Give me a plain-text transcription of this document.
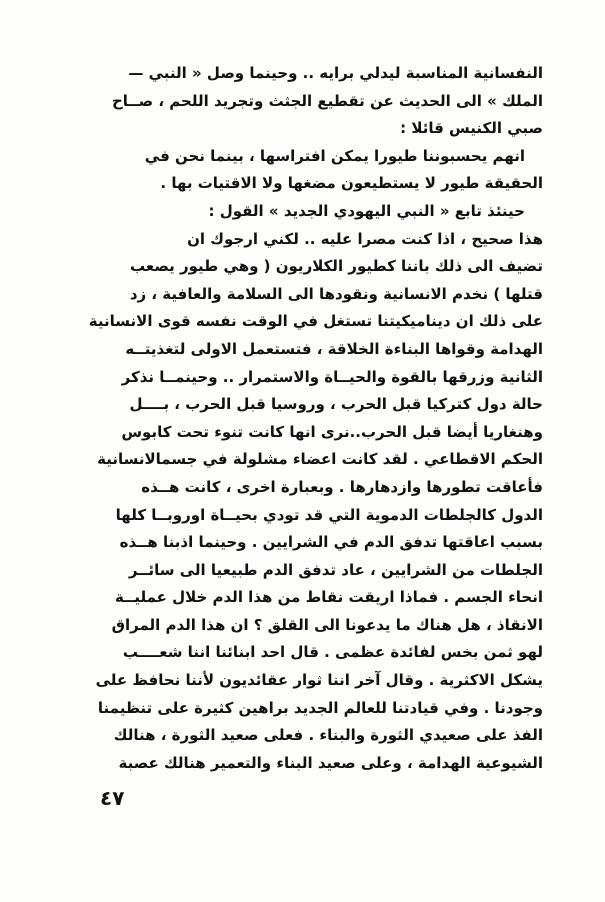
النفسانية المناسبة ليدلي برايه .. وحينما وصل « النبي —
الملك » الى الحديث عن تقطيع الجثث وتجريد اللحم ، صــاح
صبي الكنيس قائلا :
انهم يحسبوننا طيورا يمكن افتراسها ، بينما نحن في
الحقيقة طيور لا يستطيعون مضغها ولا الاقتيات بها .
حينئذ تابع « النبي اليهودي الجديد » القول :
هذا صحيح ، اذا كنت مصرا عليه .. لكني ارجوك ان
تضيف الى ذلك باننا كطيور الكلاريون ( وهي طيور يصعب
قتلها ) نخدم الانسانية ونقودها الى السلامة والعافية ، زد
على ذلك ان ديناميكيتنا تستغل في الوقت نفسه قوى الانسانية
الهدامة وقواها البناءة الخلاقة ، فتستعمل الاولى لتغذيتــه
الثانية وزرقها بالقوة والحيــاة والاستمرار .. وحينمــا نذكر
حالة دول كتركيا قبل الحرب ، وروسيا قبل الحرب ، بــــل
وهنغاريا أيضا قبل الحرب..نرى انها كانت تنوء تحت كابوس
الحكم الاقطاعي . لقد كانت اعضاء مشلولة في جسمالانسانية
فأعاقت تطورها وازدهارها . وبعبارة اخرى ، كانت هــذه
الدول كالجلطات الدموية التي قد تودي بحيــاة اوروبــا كلها
بسبب اعاقتها تدفق الدم في الشرايين . وحينما اذبنا هــذه
الجلطات من الشرايين ، عاد تدفق الدم طبيعيا الى سائــر
انحاء الجسم . فماذا اريقت نقاط من هذا الدم خلال عمليــة
الانقاذ ، هل هناك ما يدعونا الى القلق ؟ ان هذا الدم المراق
لهو ثمن بخس لفائدة عظمى . قال احد ابنائنا اننا شعــــب
يشكل الاكثرية . وقال آخر اننا ثوار عقائديون لأننا نحافظ على
وجودنا . وفي قيادتنا للعالم الجديد براهين كثيرة على تنظيمنا
الفذ على صعيدي الثورة والبناء . فعلى صعيد الثورة ، هنالك
الشيوعية الهدامة ، وعلى صعيد البناء والتعمير هنالك عصبة
٤٧
